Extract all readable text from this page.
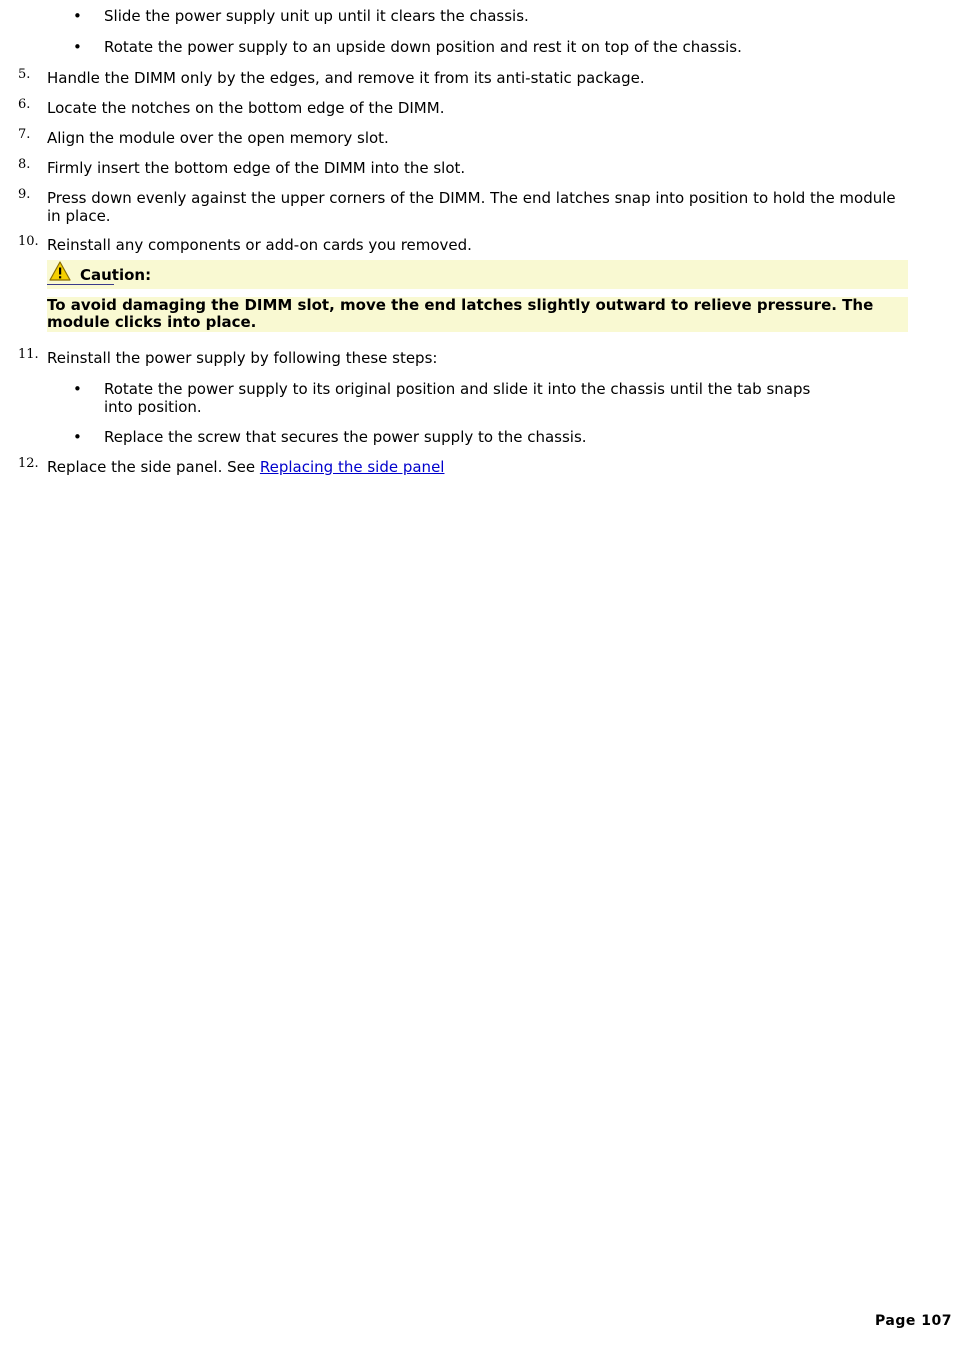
• Slide the power supply unit up until it clears the chassis.
• Rotate the power supply to an upside down position and rest it on top of the chassis.
5. Handle the DIMM only by the edges, and remove it from its anti-static package.
6. Locate the notches on the bottom edge of the DIMM.
7. Align the module over the open memory slot.
8. Firmly insert the bottom edge of the DIMM into the slot.
9. Press down evenly against the upper corners of the DIMM. The end latches snap into position to hold the module in place.
10. Reinstall any components or add-on cards you removed.
Caution:
To avoid damaging the DIMM slot, move the end latches slightly outward to relieve pressure. The module clicks into place.
11. Reinstall the power supply by following these steps:
• Rotate the power supply to its original position and slide it into the chassis until the tab snaps into position.
• Replace the screw that secures the power supply to the chassis.
12. Replace the side panel. See Replacing the side panel
Page 107
